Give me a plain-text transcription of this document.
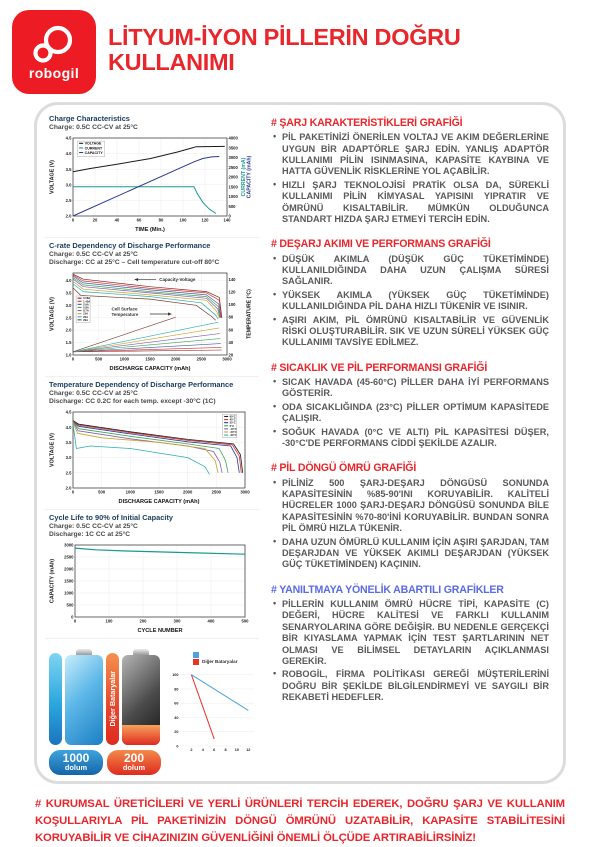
robogil
LİTYUM-İYON PİLLERİN DOĞRU KULLANIMI
Charge Characteristics
Charge: 0.5C CC-CV at 25°C
0	20	40	60	80	100	120	140
2.0
2.5
3.0
3.5
4.0
4.5
0
500
1000
1500
2000
2500
3000
3500
4000
TIME (Min.)
VOLTAGE (V)	CAPACITY (mAh)
CURRENT (mA)
VOLTAGE
CURRENT
CAPACITY
C-rate Dependency of Discharge Performance
Charge: 0.5C CC-CV at 25°C
Discharge: CC at 25°C – Cell temperature cut-off 80°C
0	500	1000	1500	2000	2500	3000
1.0
1.5
2.0
2.5
3.0
3.5
4.0
20
40
60
80
100
120
140
DISCHARGE CAPACITY (mAh)
VOLTAGE (V)	TEMPERATURE (°C)
0.58A
1.45A
2.9A
5.8A
8.7A
15A
20A
29A
Capacity-Voltage
Cell Surface
Temperature
Temperature Dependency of Discharge Performance
Charge: 0.5C CC-CV at 25°C
Discharge: CC 0.2C for each temp. except -30°C (1C)
0	500	1000	1500	2000	2500	3000
2.0
2.5
3.0
3.5
4.0
4.5
DISCHARGE CAPACITY (mAh)
VOLTAGE (V)
60°C
45°C
25°C
0°C
-10°C
-20°C
-30°C
Cycle Life to 90% of Initial Capacity
Charge: 0.5C CC-CV at 25°C
Discharge: 1C CC at 25°C
0	100	200	300	400	500
0
500
1000
1500
2000
2500
3000
CYCLE NUMBER
CAPACITY (mAh)
Diğer Bataryalar
1000
dolum
200
dolum
Diğer Bataryalar
2 4 6 8 10 12
0
20
40
60
80
100
# ŞARJ KARAKTERİSTİKLERİ GRAFİĞİ
• PİL PAKETİNİZİ ÖNERİLEN VOLTAJ VE AKIM DEĞERLERİNE UYGUN BİR ADAPTÖRLE ŞARJ EDİN. YANLIŞ ADAPTÖR KULLANIMI PİLİN ISINMASINA, KAPASİTE KAYBINA VE HATTA GÜVENLİK RİSKLERİNE YOL AÇABİLİR.
• HIZLI ŞARJ TEKNOLOJİSİ PRATİK OLSA DA, SÜREKLİ KULLANIMI PİLİN KİMYASAL YAPISINI YIPRATIR VE ÖMRÜNÜ KISALTABİLİR. MÜMKÜN OLDUĞUNCA STANDART HIZDA ŞARJ ETMEYİ TERCİH EDİN.
# DEŞARJ AKIMI VE PERFORMANS GRAFİĞİ
• DÜŞÜK AKIMLA (DÜŞÜK GÜÇ TÜKETİMİNDE) KULLANILDIĞINDA DAHA UZUN ÇALIŞMA SÜRESİ SAĞLANIR.
• YÜKSEK AKIMLA (YÜKSEK GÜÇ TÜKETİMİNDE) KULLANILDIĞINDA PİL DAHA HIZLI TÜKENİR VE ISINIR.
• AŞIRI AKIM, PİL ÖMRÜNÜ KISALTABİLİR VE GÜVENLİK RİSKİ OLUŞTURABİLİR. SIK VE UZUN SÜRELİ YÜKSEK GÜÇ KULLANIMI TAVSİYE EDİLMEZ.
# SICAKLIK VE PİL PERFORMANSI GRAFİĞİ
• SICAK HAVADA (45-60°C) PİLLER DAHA İYİ PERFORMANS GÖSTERİR.
• ODA SICAKLIĞINDA (23°C) PİLLER OPTİMUM KAPASİTEDE ÇALIŞIR.
• SOĞUK HAVADA (0°C VE ALTI) PİL KAPASİTESİ DÜŞER, -30°C'DE PERFORMANS CİDDİ ŞEKİLDE AZALIR.
# PİL DÖNGÜ ÖMRÜ GRAFİĞİ
• PİLİNİZ 500 ŞARJ-DEŞARJ DÖNGÜSÜ SONUNDA KAPASİTESİNİN %85-90'INI KORUYABİLİR. KALİTELİ HÜCRELER 1000 ŞARJ-DEŞARJ DÖNGÜSÜ SONUNDA BİLE KAPASİTESİNİN %70-80'İNİ KORUYABİLİR. BUNDAN SONRA PİL ÖMRÜ HIZLA TÜKENİR.
• DAHA UZUN ÖMÜRLÜ KULLANIM İÇİN AŞIRI ŞARJDAN, TAM DEŞARJDAN VE YÜKSEK AKIMLI DEŞARJDAN (YÜKSEK GÜÇ TÜKETİMİNDEN) KAÇININ.
# YANILTMAYA YÖNELİK ABARTILI GRAFİKLER
• PİLLERİN KULLANIM ÖMRÜ HÜCRE TİPİ, KAPASİTE (C) DEĞERİ, HÜCRE KALİTESİ VE FARKLI KULLANIM SENARYOLARINA GÖRE DEĞİŞİR. BU NEDENLE GERÇEKÇİ BİR KIYASLAMA YAPMAK İÇİN TEST ŞARTLARININ NET OLMASI VE BİLİMSEL DETAYLARIN AÇIKLANMASI GEREKİR.
• ROBOGİL, FİRMA POLİTİKASI GEREĞİ MÜŞTERİLERİNİ DOĞRU BİR ŞEKİLDE BİLGİLENDİRMEYİ VE SAYGILI BİR REKABETİ HEDEFLER.

# KURUMSAL ÜRETİCİLERİ VE YERLİ ÜRÜNLERİ TERCİH EDEREK, DOĞRU ŞARJ VE KULLANIM KOŞULLARIYLA PİL PAKETİNİZİN DÖNGÜ ÖMRÜNÜ UZATABİLİR, KAPASİTE STABİLİTESİNİ KORUYABİLİR VE CİHAZINIZIN GÜVENLİĞİNİ ÖNEMLİ ÖLÇÜDE ARTIRABİLİRSİNİZ!
